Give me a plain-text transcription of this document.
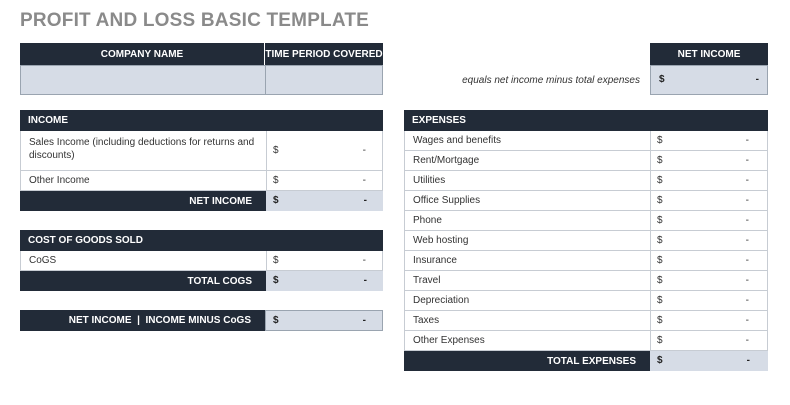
PROFIT AND LOSS BASIC TEMPLATE
COMPANY NAME	TIME PERIOD COVERED	NET INCOME
equals net income minus total expenses $	-
INCOME
Sales Income (including deductions for returns and discounts)	$	-
Other Income	$	-
NET INCOME $	-
COST OF GOODS SOLD
CoGS	$	-
TOTAL COGS $	-
NET INCOME  |  INCOME MINUS CoGS $	-
EXPENSES
Wages and benefits	$	-
Rent/Mortgage	$	-
Utilities	$	-
Office Supplies	$	-
Phone	$	-
Web hosting	$	-
Insurance	$	-
Travel	$	-
Depreciation	$	-
Taxes	$	-
Other Expenses	$	-
TOTAL EXPENSES $	-
